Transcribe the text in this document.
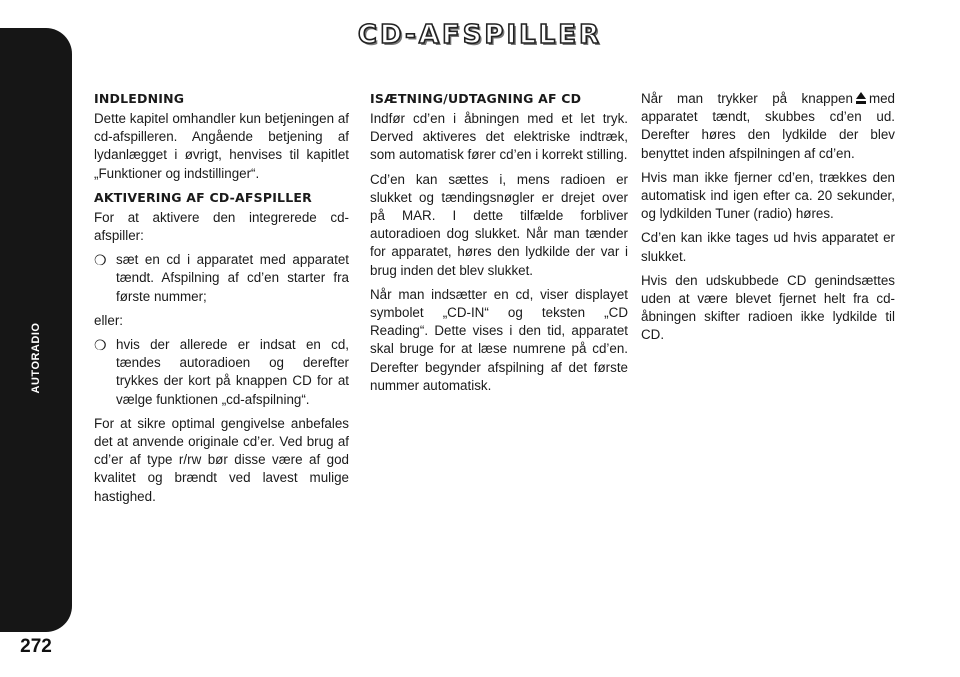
AUTORADIO
272
CD-AFSPILLER
INDLEDNING

Dette kapitel omhandler kun betjeningen af cd-afspilleren. Angående betjening af lydanlægget i øvrigt, henvises til kapitlet „Funktioner og indstillinger“.

AKTIVERING AF CD-AFSPILLER

For at aktivere den integrerede cd-afspiller:

❍ sæt en cd i apparatet med apparatet tændt. Afspilning af cd’en starter fra første nummer;

eller:

❍ hvis der allerede er indsat en cd, tændes autoradioen og derefter trykkes der kort på knappen CD for at vælge funktionen „cd-afspilning“.

For at sikre optimal gengivelse anbefales det at anvende originale cd’er. Ved brug af cd’er af type r/rw bør disse være af god kvalitet og brændt ved lavest mulige hastighed.

ISÆTNING/UDTAGNING AF CD

Indfør cd’en i åbningen med et let tryk. Derved aktiveres det elektriske indtræk, som automatisk fører cd’en i korrekt stilling.

Cd’en kan sættes i, mens radioen er slukket og tændingsnøgler er drejet over på MAR. I dette tilfælde forbliver autoradioen dog slukket. Når man tænder for apparatet, høres den lydkilde der var i brug inden det blev slukket.

Når man indsætter en cd, viser displayet symbolet „CD-IN“ og teksten „CD Reading“. Dette vises i den tid, apparatet skal bruge for at læse numrene på cd’en. Derefter begynder afspilning af det første nummer automatisk.

Når man trykker på knappen med apparatet tændt, skubbes cd’en ud. Derefter høres den lydkilde der blev benyttet inden afspilningen af cd’en.

Hvis man ikke fjerner cd’en, trækkes den automatisk ind igen efter ca. 20 sekunder, og lydkilden Tuner (radio) høres.

Cd’en kan ikke tages ud hvis apparatet er slukket.

Hvis den udskubbede CD genindsættes uden at være blevet fjernet helt fra cd-åbningen skifter radioen ikke lydkilde til CD.
